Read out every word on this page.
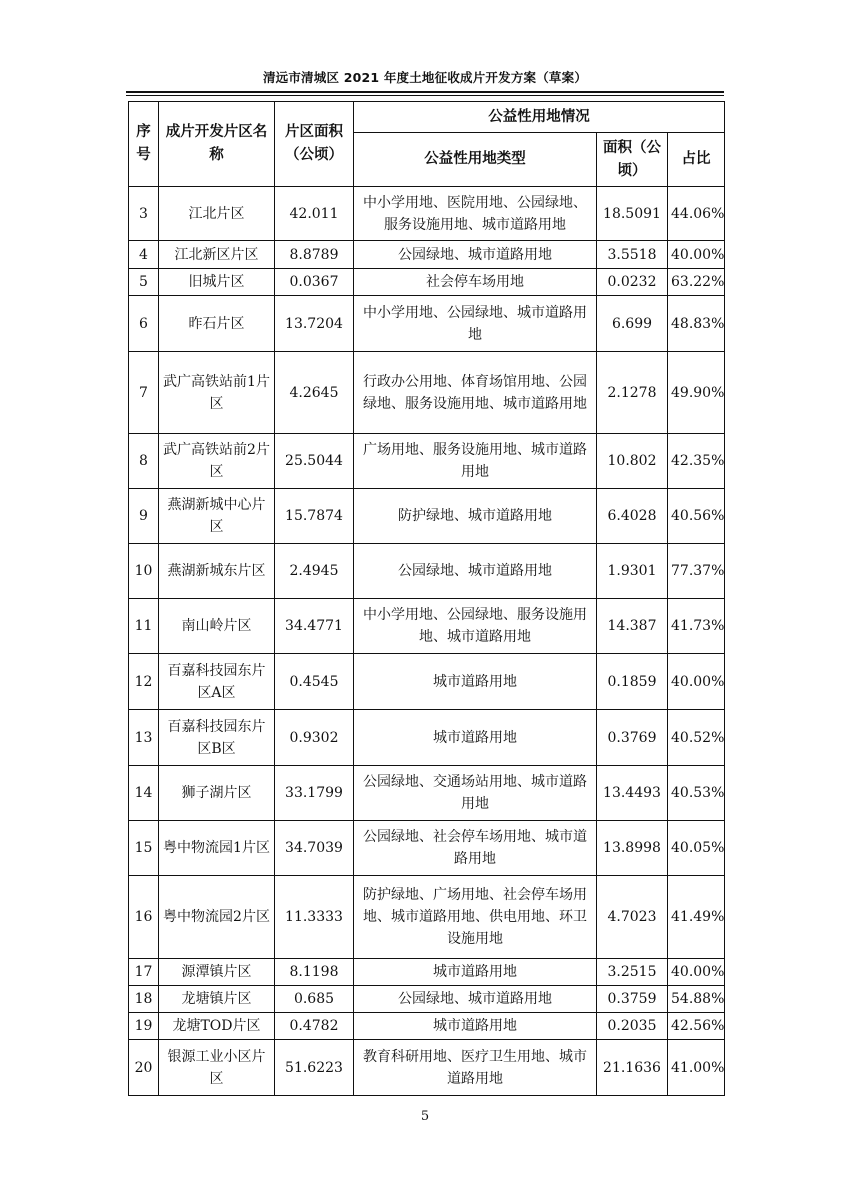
清远市清城区 2021 年度土地征收成片开发方案（草案）
序号	成片开发片区名称	片区面积（公顷）	公益性用地情况		
			公益性用地类型	面积（公顷）	占比
3	江北片区	42.011	中小学用地、医院用地、公园绿地、服务设施用地、城市道路用地	18.5091	44.06%
4	江北新区片区	8.8789	公园绿地、城市道路用地	3.5518	40.00%
5	旧城片区	0.0367	社会停车场用地	0.0232	63.22%
6	昨石片区	13.7204	中小学用地、公园绿地、城市道路用地	6.699	48.83%
7	武广高铁站前1片区	4.2645	行政办公用地、体育场馆用地、公园绿地、服务设施用地、城市道路用地	2.1278	49.90%
8	武广高铁站前2片区	25.5044	广场用地、服务设施用地、城市道路用地	10.802	42.35%
9	燕湖新城中心片区	15.7874	防护绿地、城市道路用地	6.4028	40.56%
10	燕湖新城东片区	2.4945	公园绿地、城市道路用地	1.9301	77.37%
11	南山岭片区	34.4771	中小学用地、公园绿地、服务设施用地、城市道路用地	14.387	41.73%
12	百嘉科技园东片区A区	0.4545	城市道路用地	0.1859	40.00%
13	百嘉科技园东片区B区	0.9302	城市道路用地	0.3769	40.52%
14	狮子湖片区	33.1799	公园绿地、交通场站用地、城市道路用地	13.4493	40.53%
15	粤中物流园1片区	34.7039	公园绿地、社会停车场用地、城市道路用地	13.8998	40.05%
16	粤中物流园2片区	11.3333	防护绿地、广场用地、社会停车场用地、城市道路用地、供电用地、环卫设施用地	4.7023	41.49%
17	源潭镇片区	8.1198	城市道路用地	3.2515	40.00%
18	龙塘镇片区	0.685	公园绿地、城市道路用地	0.3759	54.88%
19	龙塘TOD片区	0.4782	城市道路用地	0.2035	42.56%
20	银源工业小区片区	51.6223	教育科研用地、医疗卫生用地、城市道路用地	21.1636	41.00%
5
